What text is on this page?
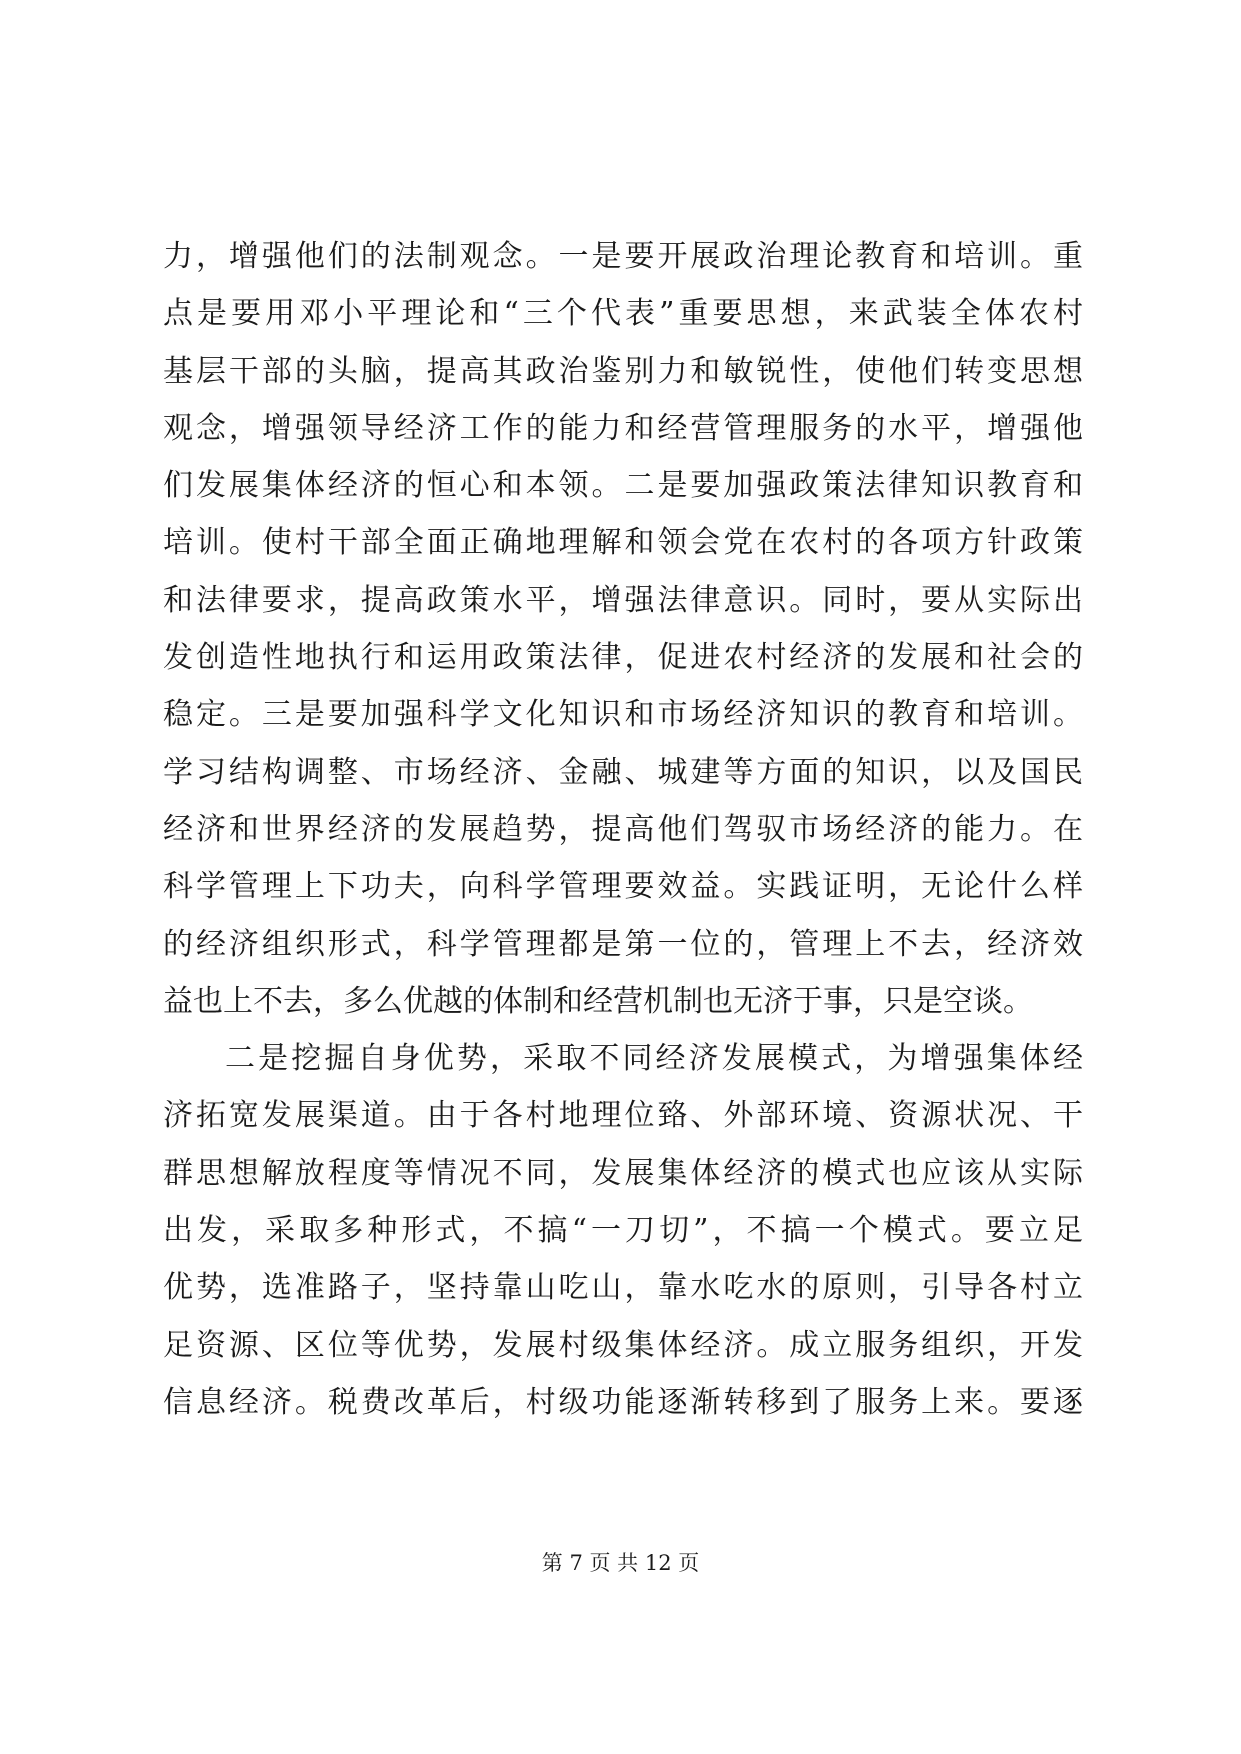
力，增强他们的法制观念。一是要开展政治理论教育和培训。重
点是要用邓小平理论和“三个代表”重要思想，来武装全体农村
基层干部的头脑，提高其政治鉴别力和敏锐性，使他们转变思想
观念，增强领导经济工作的能力和经营管理服务的水平，增强他
们发展集体经济的恒心和本领。二是要加强政策法律知识教育和
培训。使村干部全面正确地理解和领会党在农村的各项方针政策
和法律要求，提高政策水平，增强法律意识。同时，要从实际出
发创造性地执行和运用政策法律，促进农村经济的发展和社会的
稳定。三是要加强科学文化知识和市场经济知识的教育和培训。
学习结构调整、市场经济、金融、城建等方面的知识，以及国民
经济和世界经济的发展趋势，提高他们驾驭市场经济的能力。在
科学管理上下功夫，向科学管理要效益。实践证明，无论什么样
的经济组织形式，科学管理都是第一位的，管理上不去，经济效
益也上不去，多么优越的体制和经营机制也无济于事，只是空谈。
二是挖掘自身优势，采取不同经济发展模式，为增强集体经
济拓宽发展渠道。由于各村地理位臵、外部环境、资源状况、干
群思想解放程度等情况不同，发展集体经济的模式也应该从实际
出发，采取多种形式，不搞“一刀切”，不搞一个模式。要立足
优势，选准路子，坚持靠山吃山，靠水吃水的原则，引导各村立
足资源、区位等优势，发展村级集体经济。成立服务组织，开发
信息经济。税费改革后，村级功能逐渐转移到了服务上来。要逐
第 7 页 共 12 页
